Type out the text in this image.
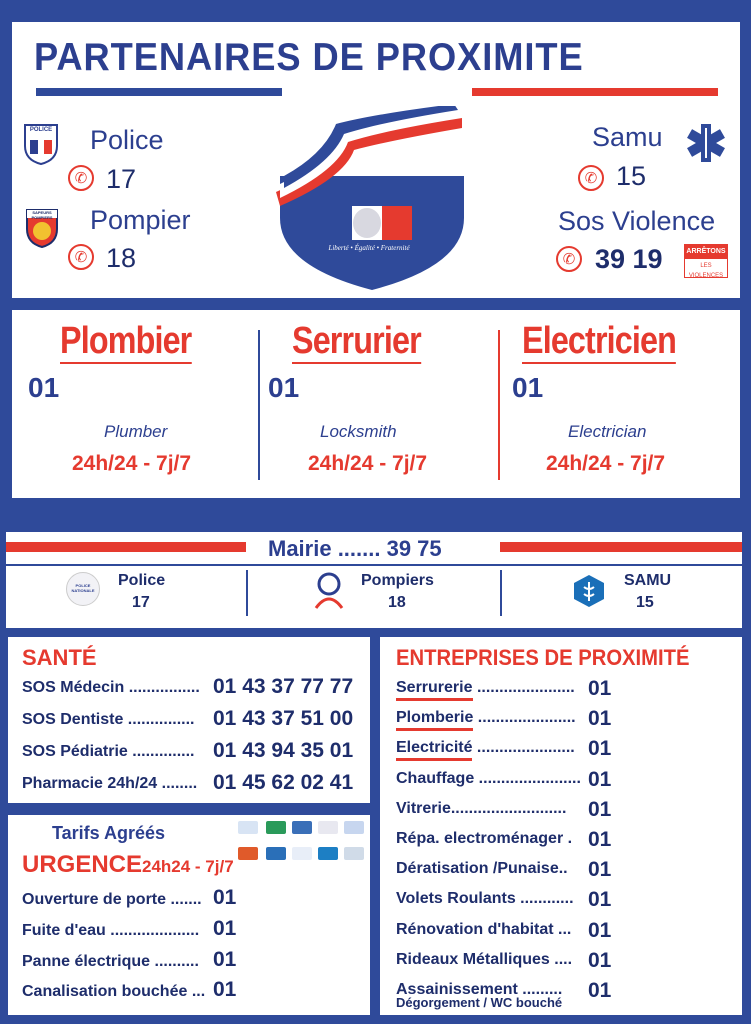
PARTENAIRES DE PROXIMITE
POLICE Police
✆ 17
SAPEURS POMPIERS Pompier
✆ 18	Liberté • Égalité • Fraternité
Samu
✆ 15
Sos Violence
✆ 39 19	ARRÊTONS
LES VIOLENCES
Plombier
01
Plumber
24h/24 - 7j/7
Serrurier
01
Locksmith
24h/24 - 7j/7
Electricien
01
Electrician
24h/24 - 7j/7
Mairie ....... 39 75
POLICE NATIONALE
Police
17
Pompiers
18
SAMU
15
SANTÉ
SOS Médecin ................ 01 43 37 77 77
SOS Dentiste ............... 01 43 37 51 00
SOS Pédiatrie .............. 01 43 94 35 01
Pharmacie 24h/24 ........ 01 45 62 02 41
Tarifs Agréés
URGENCE 24h24 - 7j/7
Ouverture de porte ....... 01
Fuite d'eau .................... 01
Panne électrique .......... 01
Canalisation bouchée ... 01
ENTREPRISES DE PROXIMITÉ
Serrurerie ...................... 01
Plomberie ...................... 01
Electricité ...................... 01
Chauffage ....................... 01
Vitrerie.......................... 01
Répa. electroménager . 01
Dératisation /Punaise.. 01
Volets Roulants ............ 01
Rénovation d'habitat ... 01
Rideaux Métalliques .... 01
Assainissement ......... 01
Dégorgement / WC bouché
